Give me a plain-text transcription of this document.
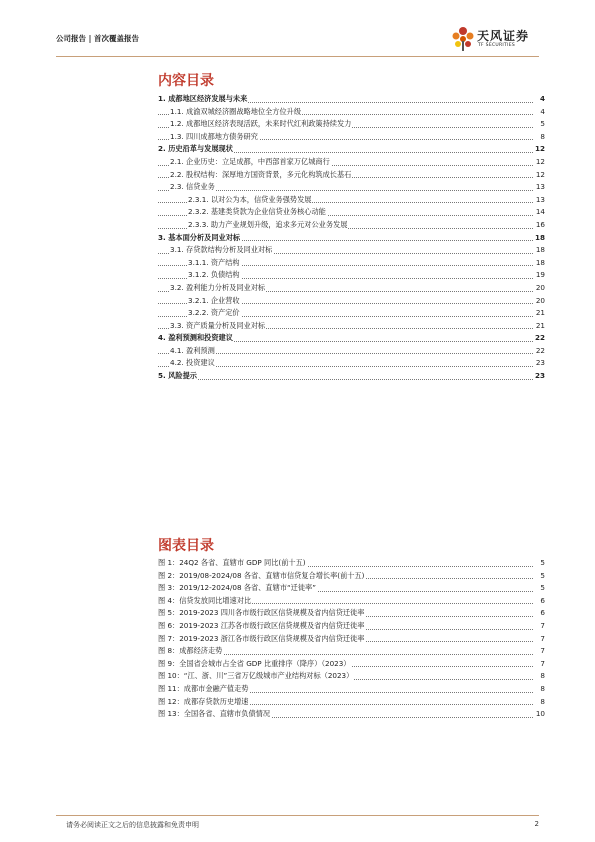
公司报告 | 首次覆盖报告	天风证券
TF SECURITIES
内容目录
1. 成都地区经济发展与未来	4
1.1. 成渝双城经济圈战略地位全方位升级	4
1.2. 成都地区经济表现活跃，未来时代红利政策持续发力	5
1.3. 四川成都地方债务研究	8
2. 历史沿革与发展现状	12
2.1. 企业历史：立足成都，中西部首家万亿城商行	12
2.2. 股权结构：深厚地方国资背景，多元化构筑成长基石	12
2.3. 信贷业务	13
2.3.1. 以对公为本，信贷业务强势发展	13
2.3.2. 基建类贷款为企业信贷业务核心动能	14
2.3.3. 助力产业规划升级，追求多元对公业务发展	16
3. 基本面分析及同业对标	18
3.1. 存贷款结构分析及同业对标	18
3.1.1. 资产结构	18
3.1.2. 负债结构	19
3.2. 盈利能力分析及同业对标	20
3.2.1. 企业营收	20
3.2.2. 资产定价	21
3.3. 资产质量分析及同业对标	21
4. 盈利预测和投资建议	22
4.1. 盈利预测	22
4.2. 投资建议	23
5. 风险提示	23
图表目录
图 1：24Q2 各省、直辖市 GDP 同比(前十五)	5
图 2：2019/08-2024/08 各省、直辖市信贷复合增长率(前十五)	5
图 3：2019/12-2024/08 各省、直辖市“迁徙率”	5
图 4：信贷发放同比增速对比	6
图 5：2019-2023 四川各市级行政区信贷规模及省内信贷迁徙率	6
图 6：2019-2023 江苏各市级行政区信贷规模及省内信贷迁徙率	7
图 7：2019-2023 浙江各市级行政区信贷规模及省内信贷迁徙率	7
图 8：成都经济走势	7
图 9：全国省会城市占全省 GDP 比重排序（降序）（2023）	7
图 10：“江、浙、川”三省万亿级城市产业结构对标（2023）	8
图 11：成都市金融产值走势	8
图 12：成都存贷款历史增速	8
图 13：全国各省、直辖市负债情况	10
请务必阅读正文之后的信息披露和免责申明	2
